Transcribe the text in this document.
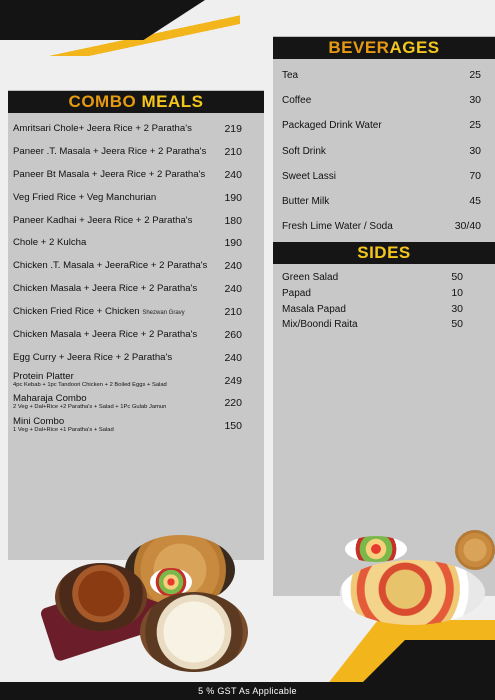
COMBO MEALS
Amritsari Chole+ Jeera Rice + 2 Paratha's	219
Paneer .T. Masala + Jeera Rice + 2 Paratha's 210
Paneer Bt Masala + Jeera Rice + 2 Paratha's 240
Veg Fried Rice + Veg Manchurian	190
Paneer Kadhai + Jeera Rice + 2 Paratha's	180
Chole + 2 Kulcha	190
Chicken .T. Masala + JeeraRice + 2 Paratha's 240
Chicken Masala + Jeera Rice + 2 Paratha's	240
Chicken Fried Rice + Chicken Shezwan Gravy	210
Chicken Masala + Jeera Rice + 2 Paratha's	260
Egg Curry + Jeera Rice + 2 Paratha's	240
Protein Platter
4pc Kebab + 1pc Tandoori Chicken + 2 Boiled Eggs + Salad	249
Maharaja Combo
2 Veg + Dal+Rice +2 Paratha's + Salad + 1Pc Gulab Jamun	220
Mini Combo
1 Veg + Dal+Rice +1 Paratha's + Salad	150
BEVERAGES
Tea	25
Coffee	30
Packaged Drink Water	25
Soft Drink	30
Sweet Lassi	70
Butter Milk	45
Fresh Lime Water / Soda	30/40
SIDES
Green Salad	50
Papad	10
Masala Papad	30
Mix/Boondi Raita	50
5 % GST As Applicable
